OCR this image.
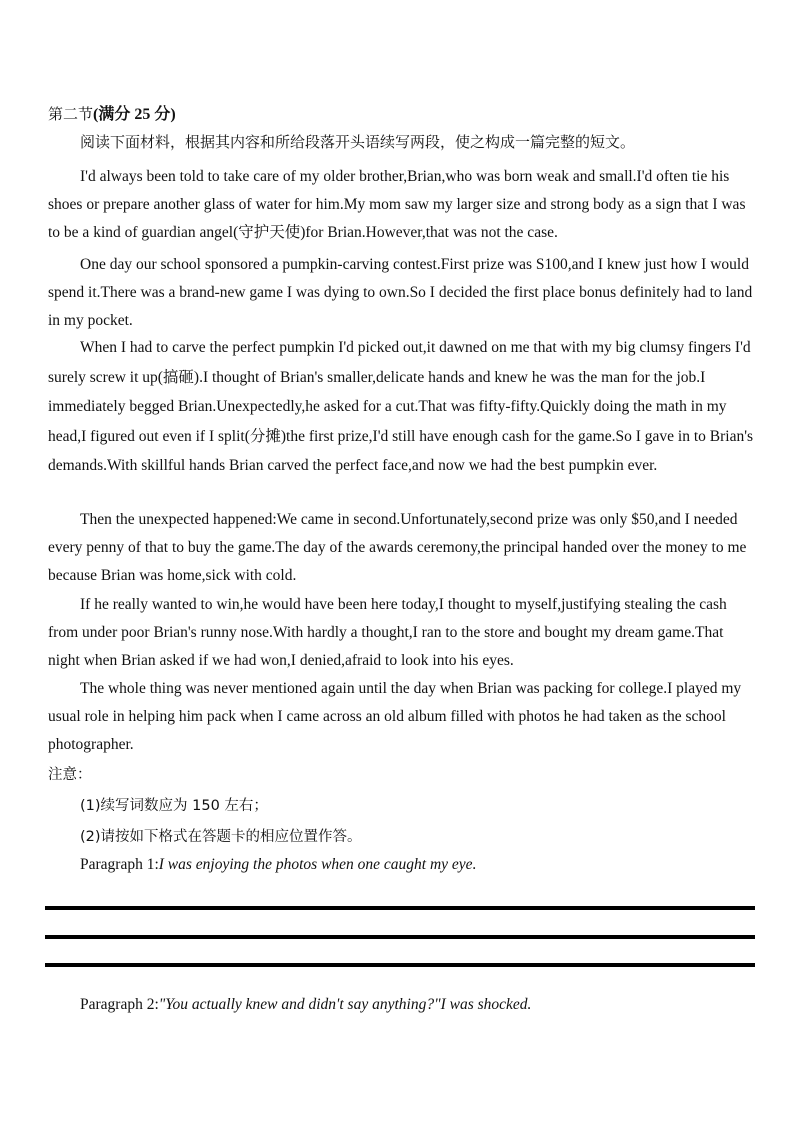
第二节(满分 25 分)
阅读下面材料，根据其内容和所给段落开头语续写两段，使之构成一篇完整的短文。

I'd always been told to take care of my older brother,Brian,who was born weak and small.I'd often tie his shoes or prepare another glass of water for him.My mom saw my larger size and strong body as a sign that I was to be a kind of guardian angel(守护天使)for Brian.However,that was not the case.

One day our school sponsored a pumpkin-carving contest.First prize was S100,and I knew just how I would spend it.There was a brand-new game I was dying to own.So I decided the first place bonus definitely had to land in my pocket.

When I had to carve the perfect pumpkin I'd picked out,it dawned on me that with my big clumsy fingers I'd surely screw it up(搞砸).I thought of Brian's smaller,delicate hands and knew he was the man for the job.I immediately begged Brian.Unexpectedly,he asked for a cut.That was fifty-fifty.Quickly doing the math in my head,I figured out even if I split(分摊)the first prize,I'd still have enough cash for the game.So I gave in to Brian's demands.With skillful hands Brian carved the perfect face,and now we had the best pumpkin ever.

Then the unexpected happened:We came in second.Unfortunately,second prize was only $50,and I needed every penny of that to buy the game.The day of the awards ceremony,the principal handed over the money to me because Brian was home,sick with cold.

If he really wanted to win,he would have been here today,I thought to myself,justifying stealing the cash from under poor Brian's runny nose.With hardly a thought,I ran to the store and bought my dream game.That night when Brian asked if we had won,I denied,afraid to look into his eyes.

The whole thing was never mentioned again until the day when Brian was packing for college.I played my usual role in helping him pack when I came across an old album filled with photos he had taken as the school photographer.

注意：
(1)续写词数应为 150 左右；
(2)请按如下格式在答题卡的相应位置作答。
Paragraph 1:I was enjoying the photos when one caught my eye.
Paragraph 2:"You actually knew and didn't say anything?"I was shocked.
